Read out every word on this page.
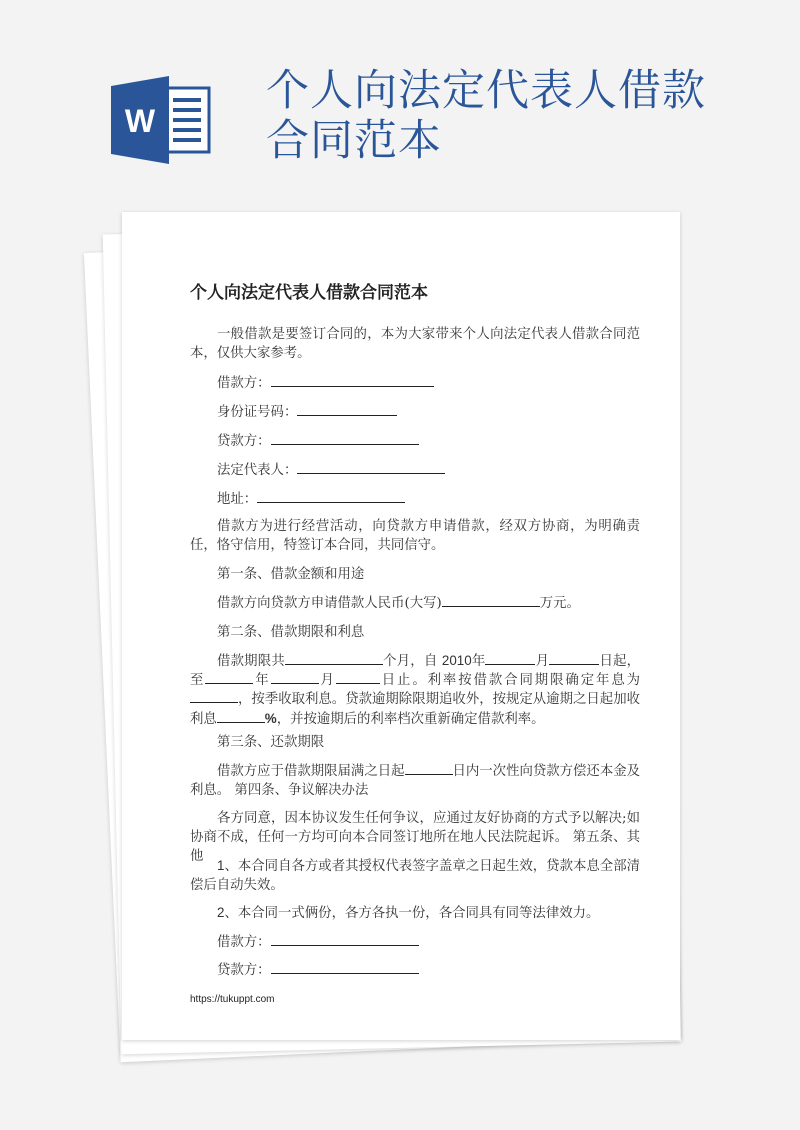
W
个人向法定代表人借款
合同范本
个人向法定代表人借款合同范本
一般借款是要签订合同的，本为大家带来个人向法定代表人借款合同范本，仅供大家参考。
借款方：
身份证号码：
贷款方：
法定代表人：
地址：
借款方为进行经营活动，向贷款方申请借款，经双方协商，为明确责任，恪守信用，特签订本合同，共同信守。
第一条、借款金额和用途
借款方向贷款方申请借款人民币(大写)	万元。
第二条、借款期限和利息
借款期限共	个月，自 2010年	月	日起，至	年	月	日止。利率按借款合同期限确定年息为，按季收取利息。贷款逾期除限期追收外，按规定从逾期之日起加收利息	%，并按逾期后的利率档次重新确定借款利率。
第三条、还款期限
借款方应于借款期限届满之日起	日内一次性向贷款方偿还本金及利息。 第四条、争议解决办法
各方同意，因本协议发生任何争议，应通过友好协商的方式予以解决;如协商不成，任何一方均可向本合同签订地所在地人民法院起诉。 第五条、其他
1、本合同自各方或者其授权代表签字盖章之日起生效，贷款本息全部清偿后自动失效。
2、本合同一式俩份，各方各执一份，各合同具有同等法律效力。
借款方：
贷款方：
https://tukuppt.com
